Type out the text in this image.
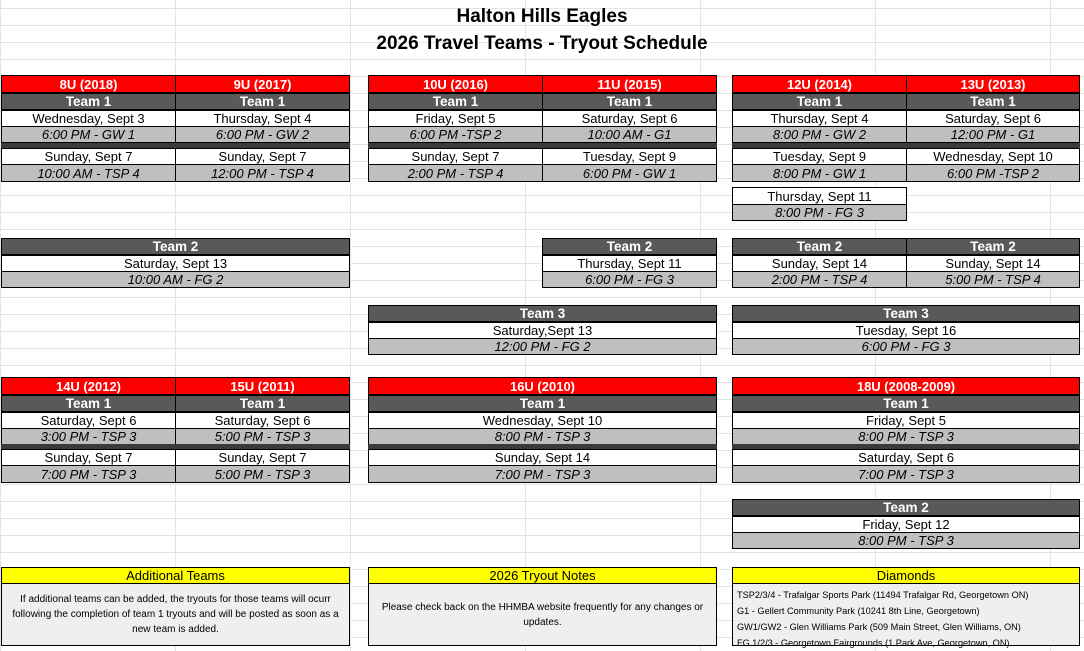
Halton Hills Eagles
2026 Travel Teams - Tryout Schedule
8U (2018)	9U (2017)
Team 1	Team 1
Wednesday, Sept 3	Thursday, Sept 4
6:00 PM - GW 1	6:00 PM - GW 2
Sunday, Sept 7	Sunday, Sept 7
10:00 AM - TSP 4	12:00 PM - TSP 4
10U (2016)	11U (2015)
Team 1	Team 1
Friday, Sept 5	Saturday, Sept 6
6:00 PM -TSP 2	10:00 AM - G1
Sunday, Sept 7	Tuesday, Sept 9
2:00 PM - TSP 4	6:00 PM - GW 1
12U (2014)	13U (2013)
Team 1	Team 1
Thursday, Sept 4	Saturday, Sept 6
8:00 PM - GW 2	12:00 PM - G1
Tuesday, Sept 9	Wednesday, Sept 10
8:00 PM - GW 1	6:00 PM -TSP 2
Thursday, Sept 11
8:00 PM - FG 3
Team 2
Saturday, Sept 13
10:00 AM - FG 2
Team 2
Thursday, Sept 11
6:00 PM - FG 3
Team 2	Team 2
Sunday, Sept 14	Sunday, Sept 14
2:00 PM - TSP 4	5:00 PM - TSP 4
Team 3
Saturday,Sept 13
12:00 PM - FG 2
Team 3
Tuesday, Sept 16
6:00 PM - FG 3
14U (2012)	15U (2011)
Team 1	Team 1
Saturday, Sept 6	Saturday, Sept 6
3:00 PM - TSP 3	5:00 PM - TSP 3
Sunday, Sept 7	Sunday, Sept 7
7:00 PM - TSP 3	5:00 PM - TSP 3
16U (2010)
Team 1
Wednesday, Sept 10
8:00 PM - TSP 3
Sunday, Sept 14
7:00 PM - TSP 3
18U (2008-2009)
Team 1
Friday, Sept 5
8:00 PM - TSP 3
Saturday, Sept 6
7:00 PM - TSP 3
Team 2
Friday, Sept 12
8:00 PM - TSP 3
Additional Teams
If additional teams can be added, the tryouts for those teams will ocurr following the completion of team 1 tryouts and will be posted as soon as a new team is added.
2026 Tryout Notes
Please check back on the HHMBA website frequently for any changes or updates.
Diamonds
TSP2/3/4 - Trafalgar Sports Park (11494 Trafalgar Rd, Georgetown ON)
G1 - Gellert Community Park (10241 8th Line, Georgetown)
GW1/GW2 - Glen Williams Park (509 Main Street, Glen Williams, ON)
FG 1/2/3 - Georgetown Fairgrounds (1 Park Ave, Georgetown, ON)
